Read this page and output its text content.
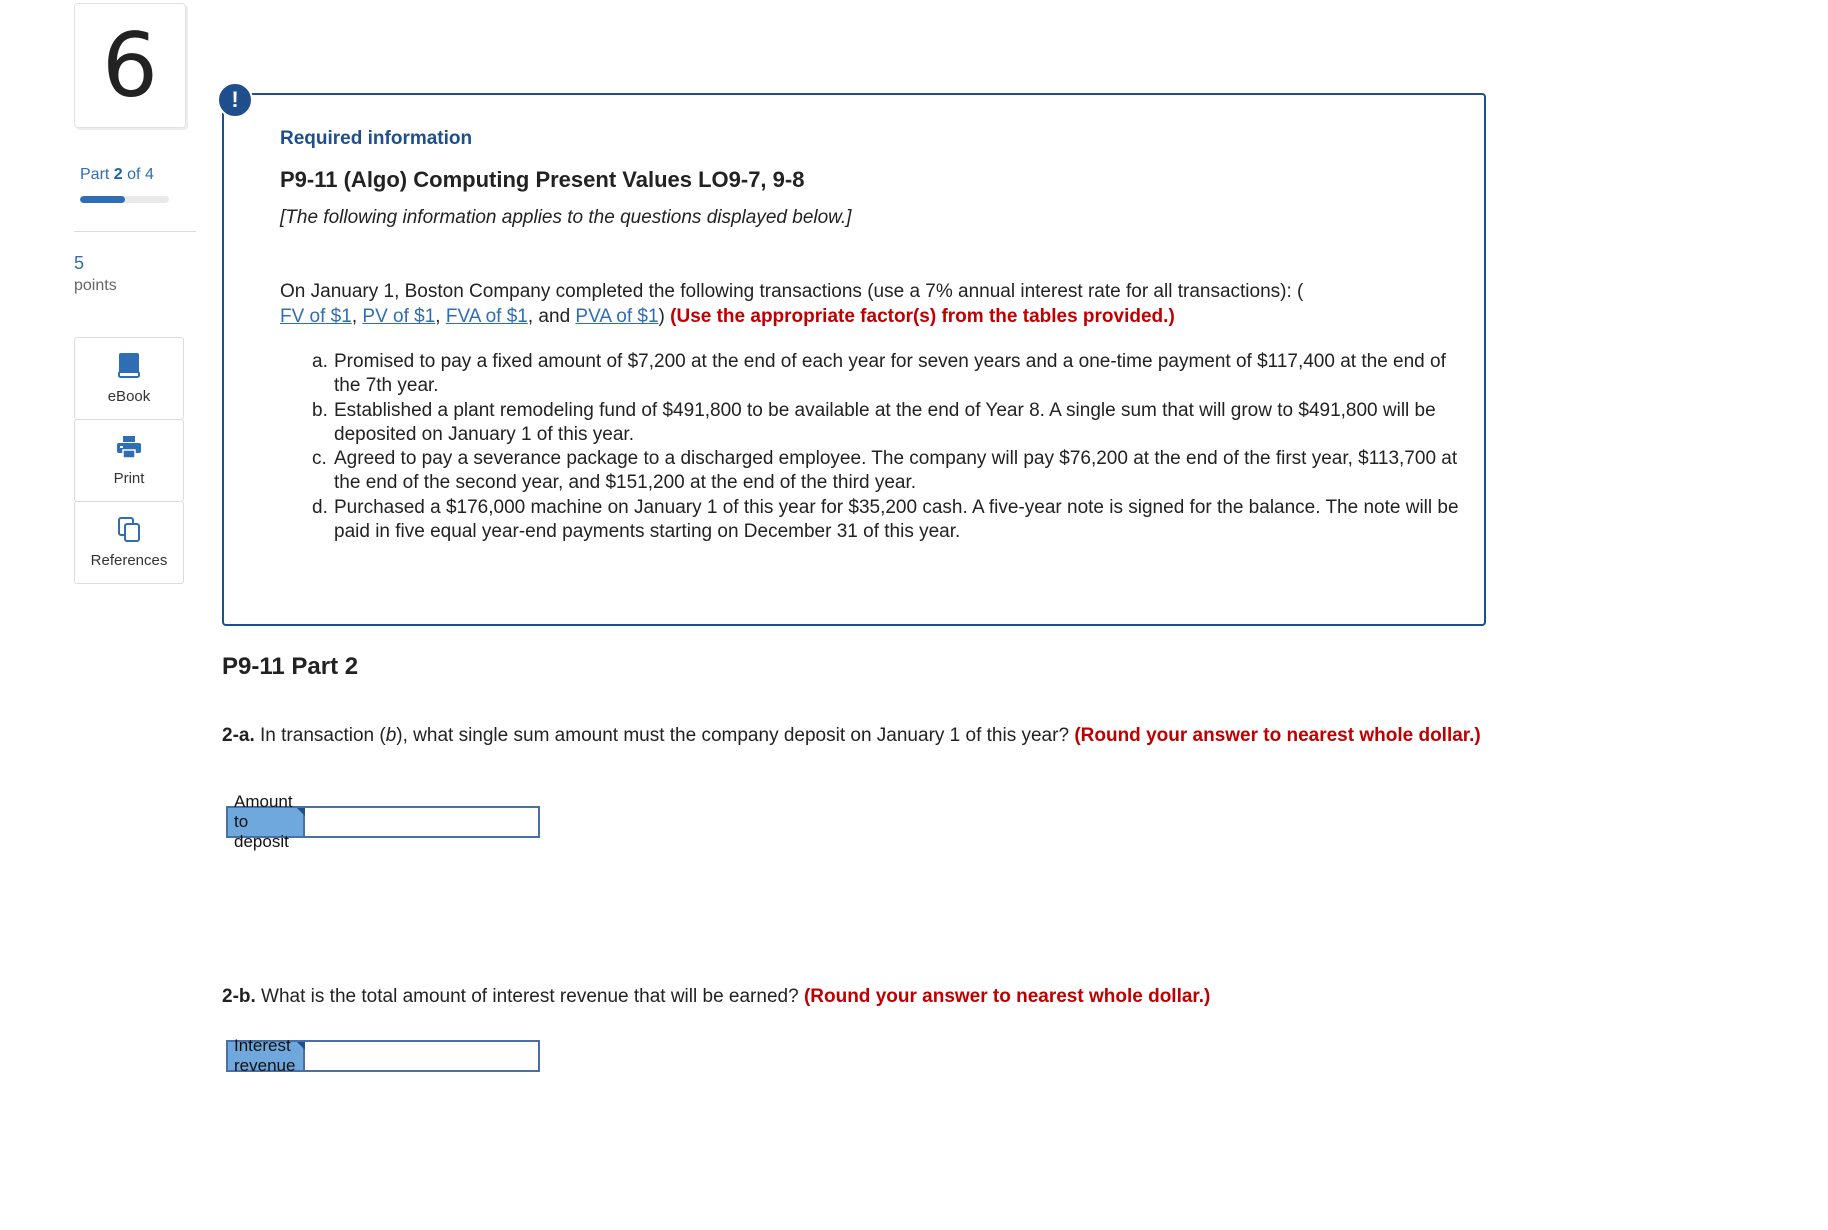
6
Part 2 of 4
5
points
eBook
Print
References
!
Required information
P9-11 (Algo) Computing Present Values LO9-7, 9-8
[The following information applies to the questions displayed below.]
On January 1, Boston Company completed the following transactions (use a 7% annual interest rate for all transactions): (
FV of $1, PV of $1, FVA of $1, and PVA of $1) (Use the appropriate factor(s) from the tables provided.)
a. Promised to pay a fixed amount of $7,200 at the end of each year for seven years and a one-time payment of $117,400 at the end of the 7th year.
b. Established a plant remodeling fund of $491,800 to be available at the end of Year 8. A single sum that will grow to $491,800 will be deposited on January 1 of this year.
c. Agreed to pay a severance package to a discharged employee. The company will pay $76,200 at the end of the first year, $113,700 at the end of the second year, and $151,200 at the end of the third year.
d. Purchased a $176,000 machine on January 1 of this year for $35,200 cash. A five-year note is signed for the balance. The note will be paid in five equal year-end payments starting on December 31 of this year.
P9-11 Part 2
2-a. In transaction (b), what single sum amount must the company deposit on January 1 of this year? (Round your answer to nearest whole dollar.)
Amount to deposit
2-b. What is the total amount of interest revenue that will be earned? (Round your answer to nearest whole dollar.)
Interest revenue
